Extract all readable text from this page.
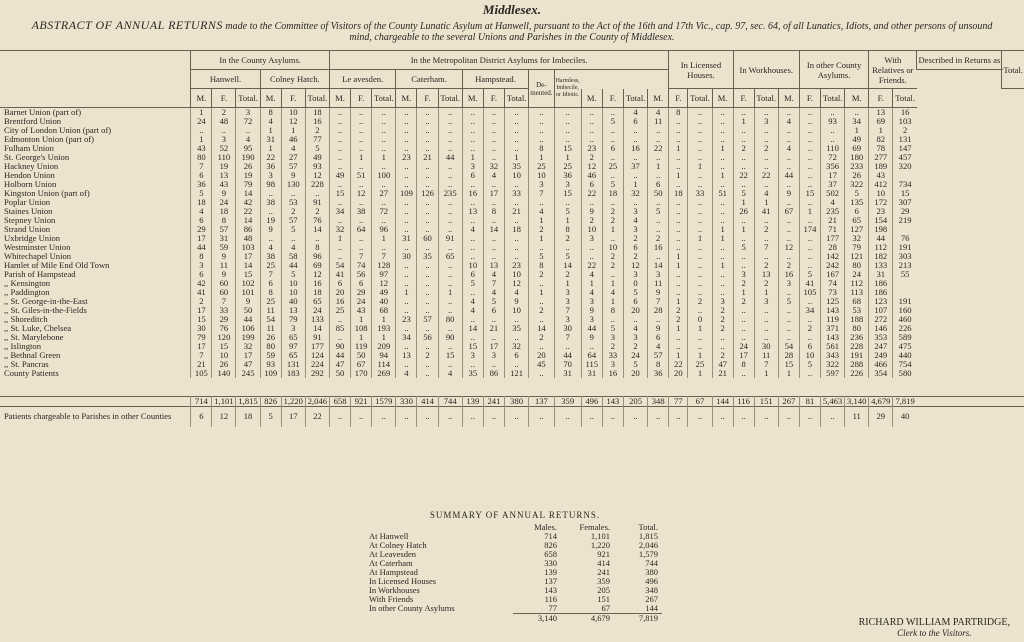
Middlesex.
ABSTRACT OF ANNUAL RETURNS made to the Committee of Visitors of the County Lunatic Asylum at Hanwell, pursuant to the Act of the 16th and 17th Vic., cap. 97, sec. 64, of all Lunatics, Idiots, and other persons of unsound mind, chargeable to the several Unions and Parishes in the County of Middlesex.
	In the County Asylums.						In the Metropolitan District Asylums for Imbeciles.															In Licensed Houses.			In Workhouses.			In other County Asylums.			With Relatives or Friends.		Described in Returns as	Total.
	Hanwell.			Colney Hatch.			Le avesden.			Caterham.			Hampstead.			De-mented.	Harmless, Imbecile, or Idiotic.																	
	M.	F.	Total.	M.	F.	Total.	M.	F.	Total.	M.	F.	Total.	M.	F.	Total.			M.	F.	Total.	M.	F.	Total.	M.	F.	Total.	M.	F.	Total.	M.	F.	Total.		
Barnet Union (part of)	1	2	3	8	10	18	..	..	..	..	..	..	..	..	..	..	..	..	..	4	4	8	..	..	..	..	..	..	..	..	13	16		
Brentford Union	24	48	72	4	12	16	..	..	..	..	..	..	..	..	..	..	..	..	5	6	11	..	..	..	1	3	4	..	93	34	69	103		
City of London Union (part of)	..	..	..	1	1	2	..	..	..	..	..	..	..	..	..	..	..	..	..	..	..	..	..	..	..	..	..	..	..	1	1	2		
Edmonton Union (part of)	1	3	4	31	46	77	..	..	..	..	..	..	..	..	..	..	..	..	..	..	..	..	..	..	..	..	..	..	..	49	82	131		
Fulham Union	43	52	95	1	4	5	..	..	..	..	..	..	..	..	..	8	15	23	6	16	22	1	..	1	2	2	4	..	110	69	78	147		
St. George's Union	80	110	190	22	27	49	..	1	1	23	21	44	1	..	1	1	1	2	..	..	..	..	..	..	..	..	..	..	72	180	277	457		
Hackney Union	7	19	26	36	57	93	..	..	..	..	..	..	3	32	35	25	25	12	25	37	1	..	1	..	..	..	..	..	356	233	189	320		
Hendon Union	6	13	19	3	9	12	49	51	100	..	..	..	6	4	10	10	36	46	..	..	..	1	..	1	22	22	44	..	17	26	43			
Holborn Union	36	43	79	98	130	228	..	..	..	..	..	..	..	..	..	3	3	6	5	1	6	..	..	..	..	..	..	..	37	322	412	734		
Kingston Union (part of)	5	9	14	..	..	..	15	12	27	109	126	235	16	17	33	7	15	22	18	32	50	18	33	51	5	4	9	15	502	5	10	15		
Poplar Union	18	24	42	38	53	91	..	..	..	..	..	..	..	..	..	..	..	..	..	..	..	..	..	..	1	1	..	..	4	135	172	307		
Staines Union	4	18	22	..	2	2	34	38	72	..	..	..	13	8	21	4	5	9	2	3	5	..	..	..	26	41	67	1	235	6	23	29		
Stepney Union	6	8	14	19	57	76	..	..	..	..	..	..	..	..	..	1	1	2	2	4	..	..	..	..	..	..	..	..	21	65	154	219		
Strand Union	29	57	86	9	5	14	32	64	96	..	..	..	4	14	18	2	8	10	1	3	..	..	..	1	1	2	..	174	71	127	198			
Uxbridge Union	17	31	48	..	..	..	1	..	1	31	60	91	..	..	..	1	2	3	..	2	2	..	1	1	..	..	..	..	177	32	44	76		
Westminster Union	44	59	103	4	4	8	..	..	..	..	..	..	..	..	..	..	..	..	10	6	16	..	..	..	5	7	12	..	28	79	112	191		
Whitechapel Union	8	9	17	38	58	96	..	7	7	30	35	65	..	..	..	5	5	..	2	2	..	1	..	..	..	..	..	..	142	121	182	303		
Hamlet of Mile End Old Town	3	11	14	25	44	69	54	74	128	..	..	..	10	13	23	8	14	22	2	12	14	1	..	1	..	2	2	..	242	80	133	213		
Parish of Hampstead	6	9	15	7	5	12	41	56	97	..	..	..	6	4	10	2	2	4	..	3	3	..	..	..	3	13	16	5	167	24	31	55		
,, Kensington	42	60	102	6	10	16	6	6	12	..	..	..	5	7	12	..	1	1	1	0	11	..	..	..	2	2	3	41	74	112	186			
,, Paddington	41	60	101	8	10	18	20	29	49	1	..	1	..	4	4	1	3	4	4	5	9	..	..	..	1	1	..	105	73	113	186			
,, St. George-in-the-East	2	7	9	25	40	65	16	24	40	..	..	..	4	5	9	..	3	3	1	6	7	1	2	3	2	3	5	..	125	68	123	191		
,, St. Giles-in-the-Fields	17	33	50	11	13	24	25	43	68	..	..	..	4	6	10	2	7	9	8	20	28	2	..	2	..	..	..	34	143	53	107	160		
,, Shoreditch	15	29	44	54	79	133	..	1	1	23	57	80	..	..	..	..	3	3	..	..	..	2	0	2	..	..	..	..	119	188	272	460		
,, St. Luke, Chelsea	30	76	106	11	3	14	85	108	193	..	..	..	14	21	35	14	30	44	5	4	9	1	1	2	..	..	..	2	371	80	146	226		
,, St. Marylebone	79	120	199	26	65	91	..	1	1	34	56	90	..	..	..	2	7	9	3	3	6	..	..	..	..	..	..	..	143	236	353	589		
,, Islington	17	15	32	80	97	177	90	119	209	..	..	..	15	17	32	..	..	..	2	2	4	..	..	..	24	30	54	6	561	228	247	475		
,, Bethnal Green	7	10	17	59	65	124	44	50	94	13	2	15	3	3	6	20	44	64	33	24	57	1	1	2	17	11	28	10	343	191	249	440		
,, St. Pancras	21	26	47	93	131	224	47	67	114	..	..	..	..	..	..	45	70	115	3	5	8	22	25	47	8	7	15	5	322	288	466	754		
County Patients	105	140	245	109	183	292	50	170	269	4	..	4	35	86	121	..	31	31	16	20	36	20	1	21	..	1	1	..	597	226	354	580		

	714	1,101	1,815	826	1,220	2,046	658	921	1579	330	414	744	139	241	380	137	359	496	143	205	348	77	67	144	116	151	267	81	5,463	3,140	4,679	7,819		
Patients chargeable to Parishes in other Counties	6	12	18	5	17	22	..	..	..	..	..	..	..	..	..	..	..	..	..	..	..	..	..	..	..	..	..	..	..	11	29	40		
SUMMARY OF ANNUAL RETURNS.
	Males.	Females.	Total.
At Hanwell	714	1,101	1,815
At Colney Hatch	826	1,220	2,046
At Leavesden	658	921	1,579
At Caterham	330	414	744
At Hampstead	139	241	380
In Licensed Houses	137	359	496
In Workhouses	143	205	348
With Friends	116	151	267
In other County Asylums	77	67	144
	3,140	4,679	7,819	RICHARD WILLIAM PARTRIDGE,
Clerk to the Visitors.
